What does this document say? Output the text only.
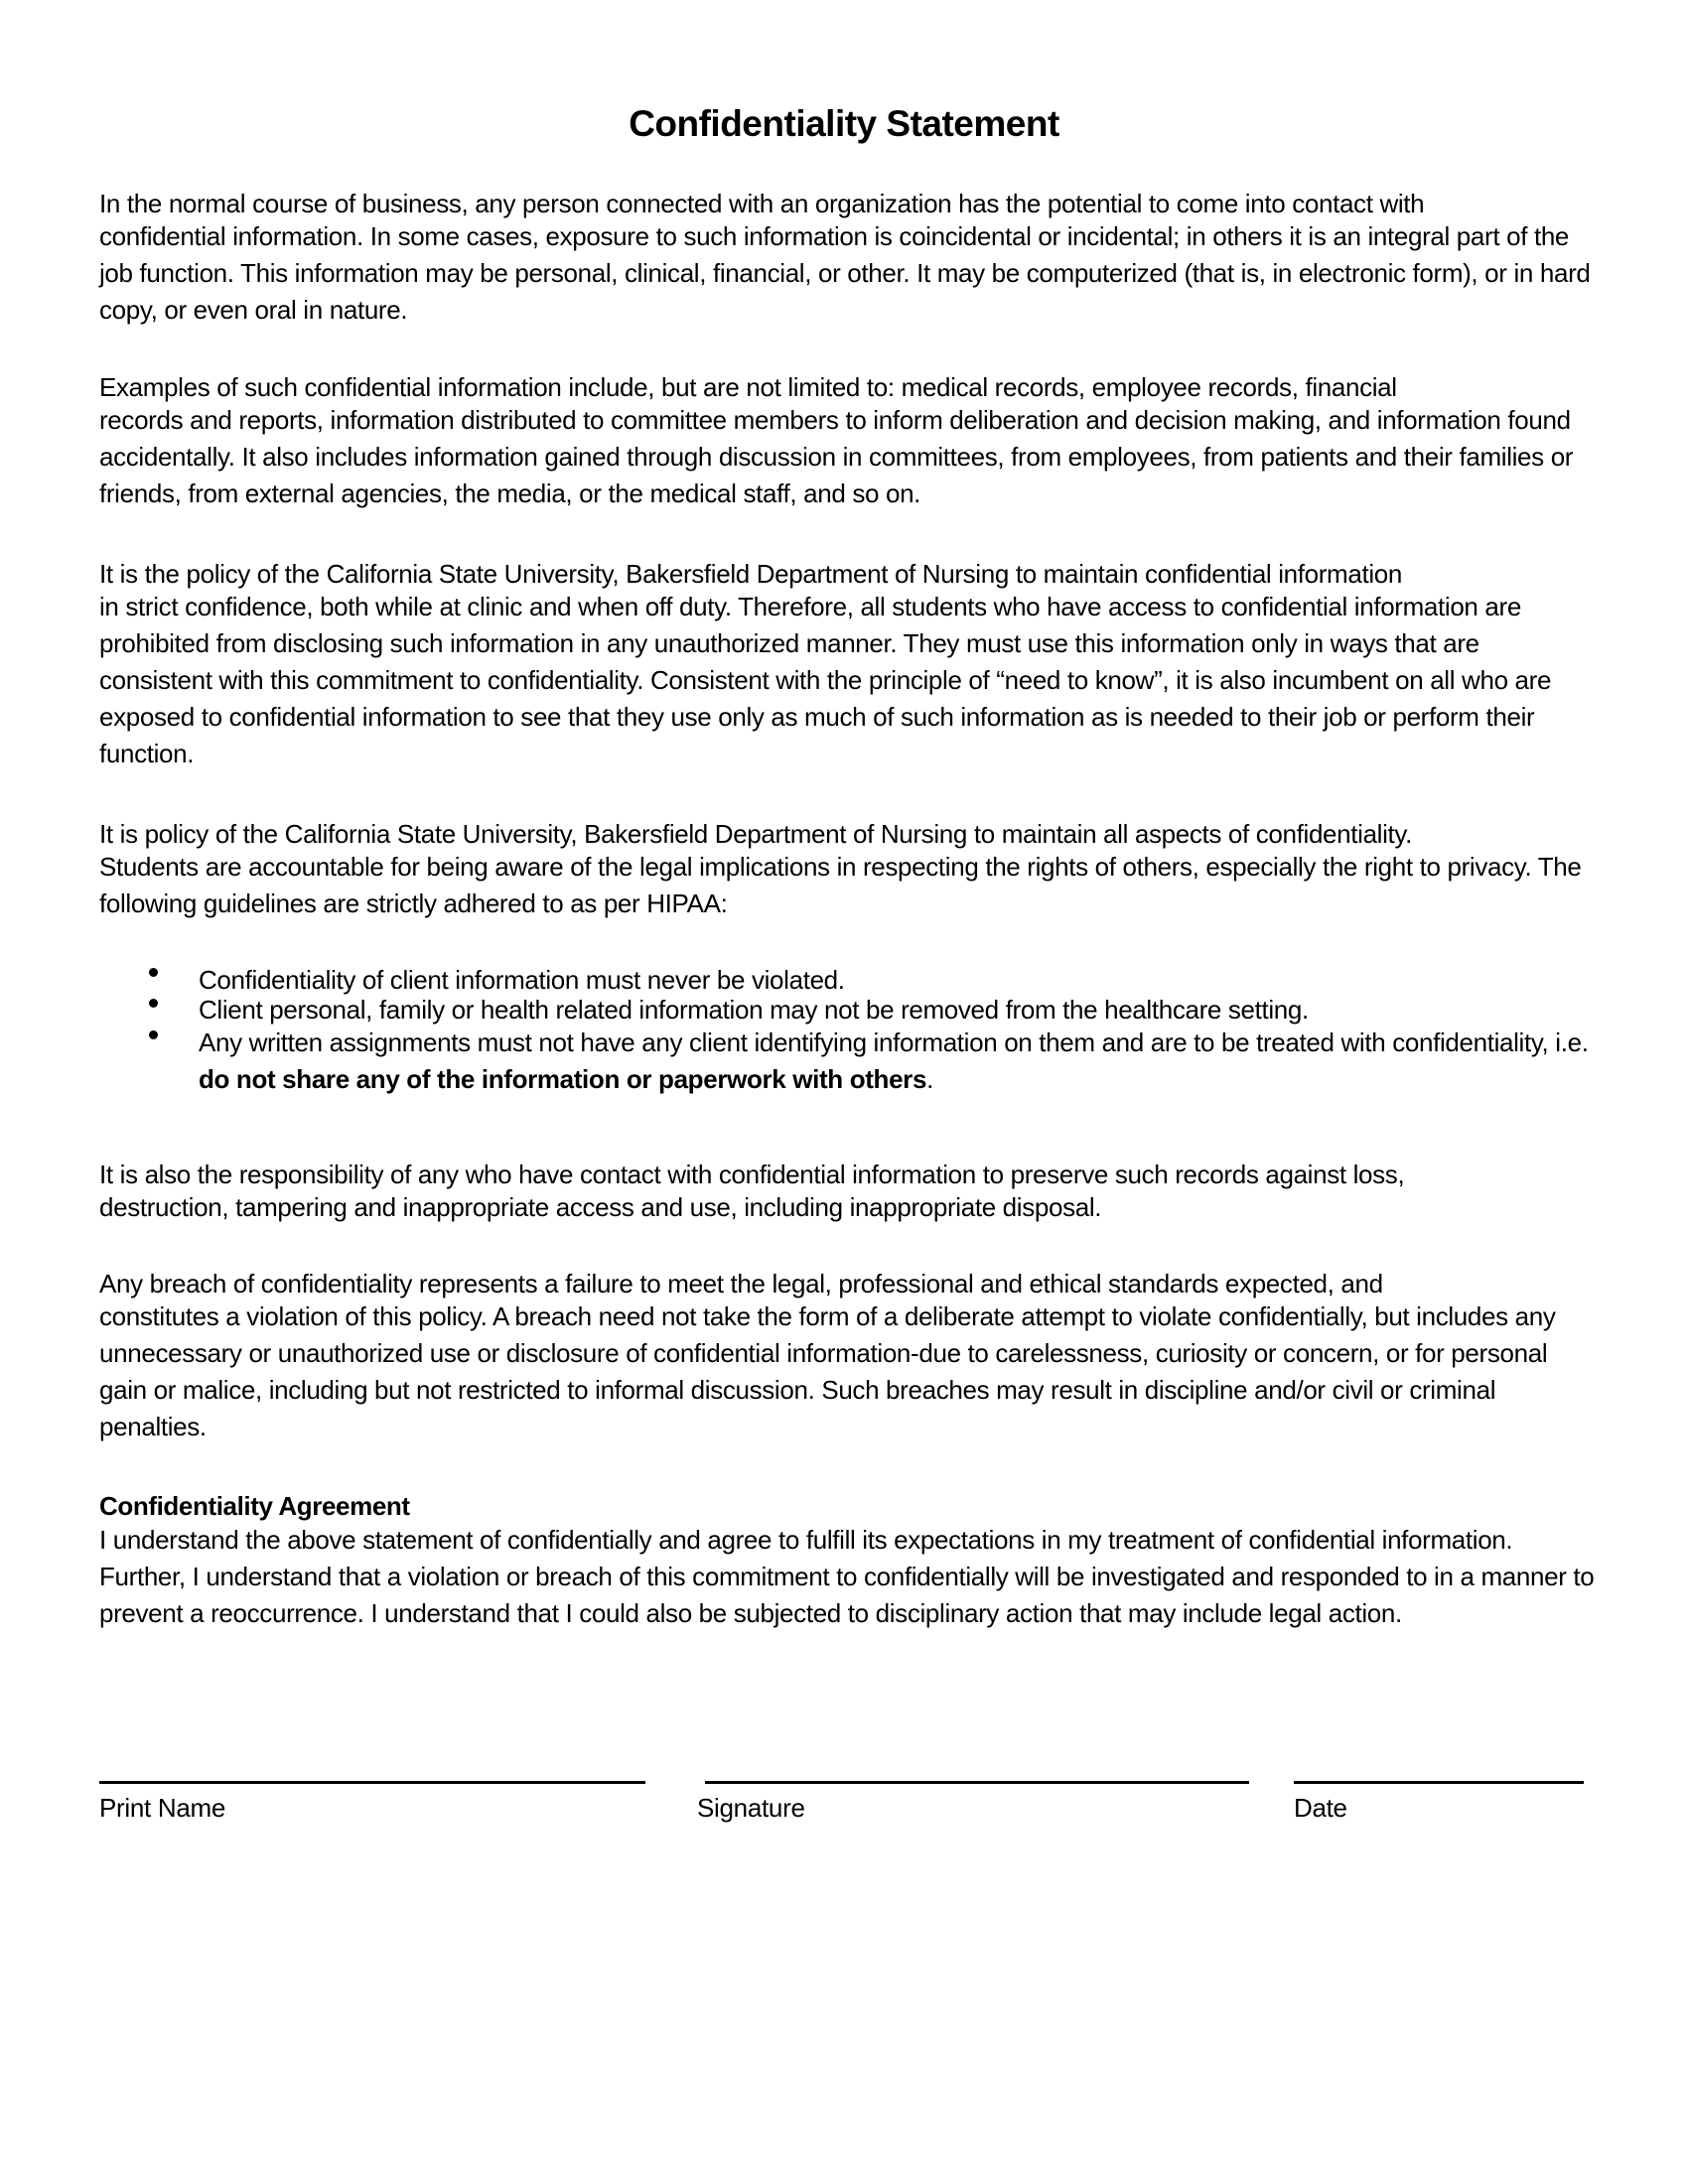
Confidentiality Statement

In the normal course of business, any person connected with an organization has the potential to come into contact with
confidential information. In some cases, exposure to such information is coincidental or incidental; in others it is an integral part of the job function. This information may be personal, clinical, financial, or other. It may be computerized (that is, in electronic form), or in hard copy, or even oral in nature.

Examples of such confidential information include, but are not limited to: medical records, employee records, financial
records and reports, information distributed to committee members to inform deliberation and decision making, and information found accidentally. It also includes information gained through discussion in committees, from employees, from patients and their families or friends, from external agencies, the media, or the medical staff, and so on.

It is the policy of the California State University, Bakersfield Department of Nursing to maintain confidential information
in strict confidence, both while at clinic and when off duty. Therefore, all students who have access to confidential information are prohibited from disclosing such information in any unauthorized manner. They must use this information only in ways that are consistent with this commitment to confidentiality. Consistent with the principle of “need to know”, it is also incumbent on all who are exposed to confidential information to see that they use only as much of such information as is needed to their job or perform their function.

It is policy of the California State University, Bakersfield Department of Nursing to maintain all aspects of confidentiality.
Students are accountable for being aware of the legal implications in respecting the rights of others, especially the right to privacy. The following guidelines are strictly adhered to as per HIPAA:

Confidentiality of client information must never be violated.
Client personal, family or health related information may not be removed from the healthcare setting.
Any written assignments must not have any client identifying information on them and are to be treated with confidentiality, i.e. do not share any of the information or paperwork with others.

It is also the responsibility of any who have contact with confidential information to preserve such records against loss,
destruction, tampering and inappropriate access and use, including inappropriate disposal.

Any breach of confidentiality represents a failure to meet the legal, professional and ethical standards expected, and
constitutes a violation of this policy. A breach need not take the form of a deliberate attempt to violate confidentially, but includes any unnecessary or unauthorized use or disclosure of confidential information-due to carelessness, curiosity or concern, or for personal gain or malice, including but not restricted to informal discussion. Such breaches may result in discipline and/or civil or criminal penalties.

Confidentiality Agreement

I understand the above statement of confidentially and agree to fulfill its expectations in my treatment of confidential information. Further, I understand that a violation or breach of this commitment to confidentially will be investigated and responded to in a manner to prevent a reoccurrence. I understand that I could also be subjected to disciplinary action that may include legal action.

Print Name	Signature	Date
